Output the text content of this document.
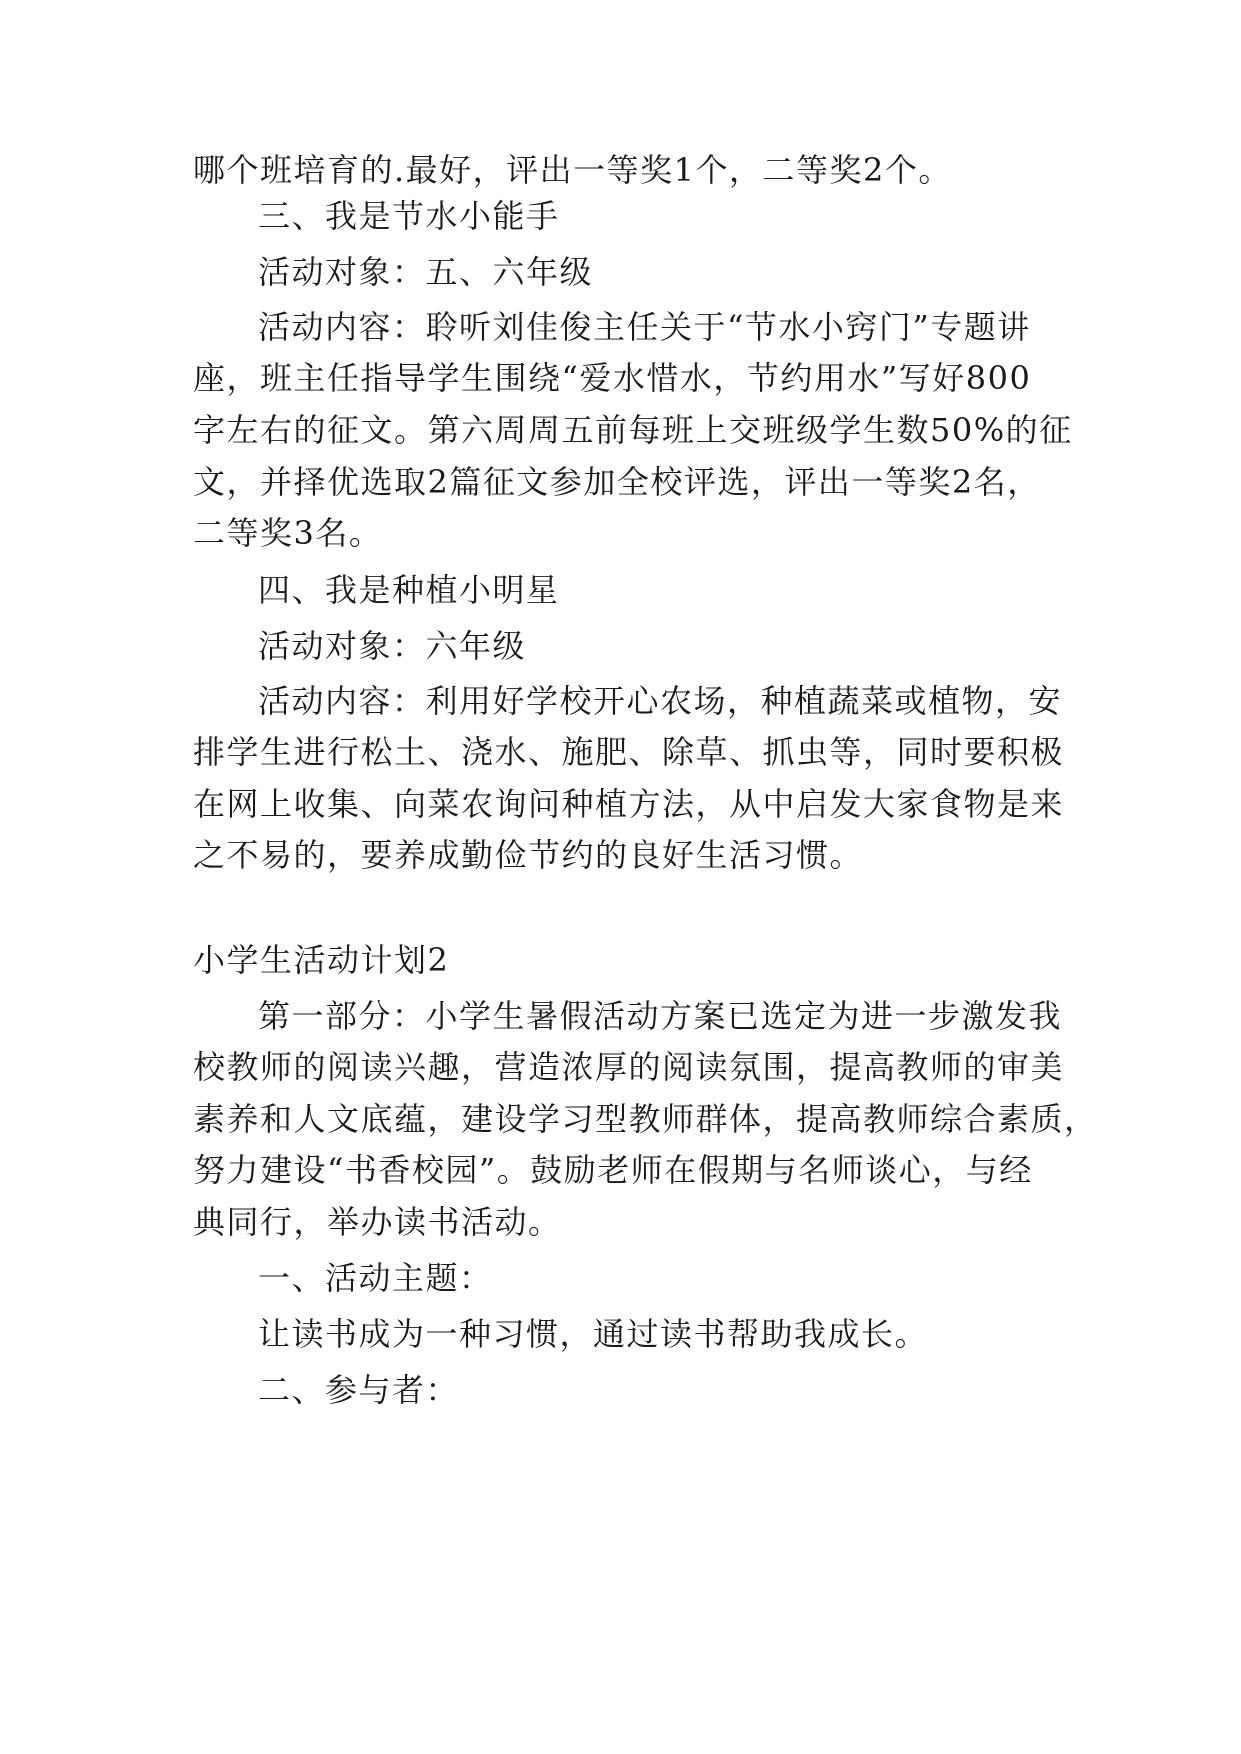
哪个班培育的.最好，评出一等奖1个，二等奖2个。
三、我是节水小能手
活动对象：五、六年级
活动内容：聆听刘佳俊主任关于“节水小窍门”专题讲
座，班主任指导学生围绕“爱水惜水，节约用水”写好800
字左右的征文。第六周周五前每班上交班级学生数50%的征
文，并择优选取2篇征文参加全校评选，评出一等奖2名，
二等奖3名。
四、我是种植小明星
活动对象：六年级
活动内容：利用好学校开心农场，种植蔬菜或植物，安
排学生进行松土、浇水、施肥、除草、抓虫等，同时要积极
在网上收集、向菜农询问种植方法，从中启发大家食物是来
之不易的，要养成勤俭节约的良好生活习惯。
小学生活动计划2
第一部分：小学生暑假活动方案已选定为进一步激发我
校教师的阅读兴趣，营造浓厚的阅读氛围，提高教师的审美
素养和人文底蕴，建设学习型教师群体，提高教师综合素质，
努力建设“书香校园”。鼓励老师在假期与名师谈心，与经
典同行，举办读书活动。
一、活动主题：
让读书成为一种习惯，通过读书帮助我成长。
二、参与者：
